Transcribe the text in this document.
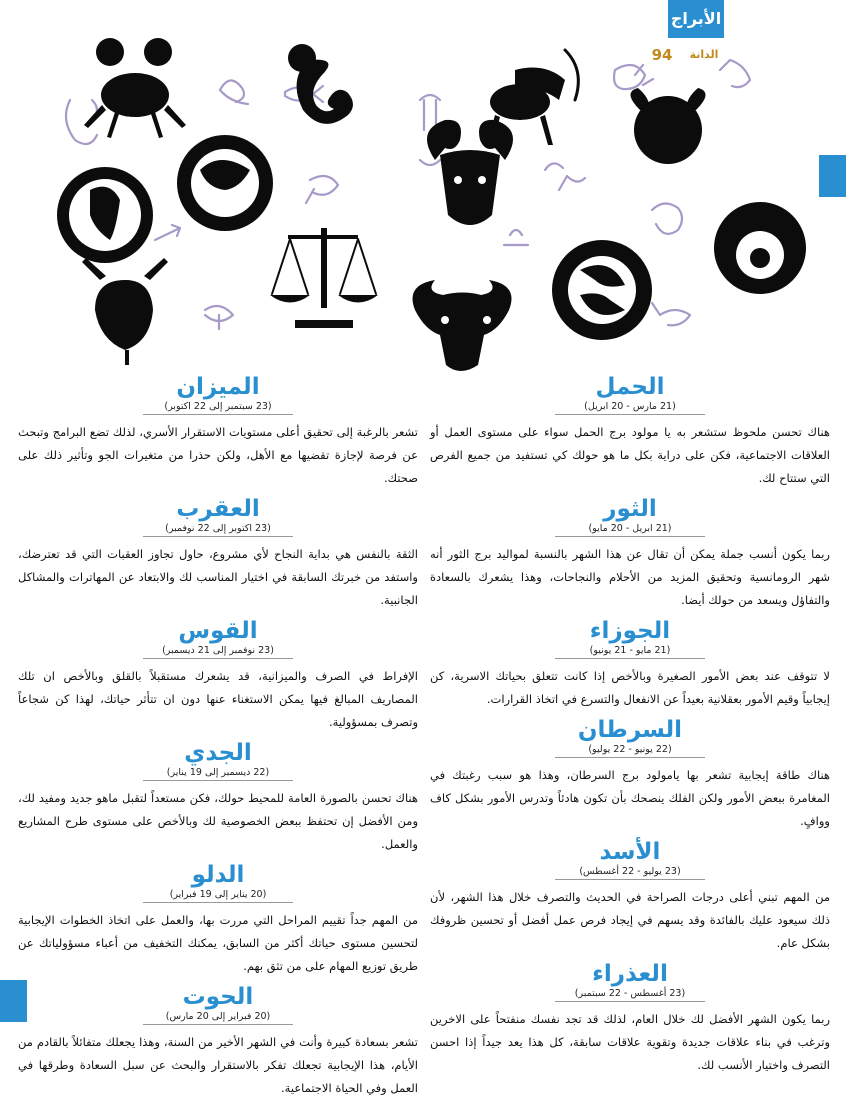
الأبراج
الدانة
94
الحمل
(21 مارس - 20 ابريل)

هناك تحسن ملحوظ ستشعر به يا مولود برج الحمل سواء على مستوى العمل أو العلاقات الاجتماعية، فكن على دراية بكل ما هو حولك كي تستفيد من جميع الفرص التي ستتاح لك.

الثور
(21 ابريل - 20 مايو)

ربما يكون أنسب جملة يمكن أن تقال عن هذا الشهر بالنسبة لمواليد برج الثور أنه شهر الرومانسية وتحقيق المزيد من الأحلام والنجاحات، وهذا يشعرك بالسعادة والتفاؤل ويسعد من حولك أيضا.

الجوزاء
(21 مايو - 21 يونيو)

لا تتوقف عند بعض الأمور الصغيرة وبالأخص إذا كانت تتعلق بحياتك الاسرية، كن إيجابياً وقيم الأمور بعقلانية بعيداً عن الانفعال والتسرع في اتخاذ القرارات.

السرطان
(22 يونيو - 22 يوليو)

هناك طاقة إيجابية تشعر بها يامولود برج السرطان، وهذا هو سبب رغبتك في المغامرة ببعض الأمور ولكن الفلك ينصحك بأن تكون هادئاً وتدرس الأمور بشكل كاف ووافٍ.

الأسد
(23 يوليو - 22 أغسطس)

من المهم تبني أعلى درجات الصراحة في الحديث والتصرف خلال هذا الشهر، لأن ذلك سيعود عليك بالفائدة وقد يسهم في إيجاد فرص عمل أفضل أو تحسين ظروفك بشكل عام.

العذراء
(23 أغسطس - 22 سبتمبر)

ربما يكون الشهر الأفضل لك خلال العام، لذلك قد تجد نفسك منفتحاً على الاخرين وترغب في بناء علاقات جديدة وتقوية علاقات سابقة، كل هذا يعد جيداً إذا احسن التصرف واختيار الأنسب لك.

الميزان
(23 سبتمبر إلى 22 اكتوبر)

تشعر بالرغبة إلى تحقيق أعلى مستويات الاستقرار الأسري، لذلك تضع البرامج وتبحث عن فرصة لإجازة تقضيها مع الأهل، ولكن حذرا من متغيرات الجو وتأثير ذلك على صحتك.

العقرب
(23 اكتوبر إلى 22 نوفمبر)

الثقة بالنفس هي بداية النجاح لأي مشروع، حاول تجاوز العقبات التي قد تعترضك، واستفد من خبرتك السابقة في اختيار المناسب لك والابتعاد عن المهاترات والمشاكل الجانبية.

القوس
(23 نوفمبر إلى 21 ديسمبر)

الإفراط في الصرف والميزانية، قد يشعرك مستقبلاً بالقلق وبالأخص ان تلك المصاريف المبالغ فيها يمكن الاستغناء عنها دون ان تتأثر حياتك، لهذا كن شجاعاً وتصرف بمسؤولية.

الجدي
(22 ديسمبر إلى 19 يناير)

هناك تحسن بالصورة العامة للمحيط حولك، فكن مستعداً لتقبل ماهو جديد ومفيد لك، ومن الأفضل إن تحتفظ ببعض الخصوصية لك وبالأخص على مستوى طرح المشاريع والعمل.

الدلو
(20 يناير إلى 19 فبراير)

من المهم جداً تقييم المراحل التي مررت بها، والعمل على اتخاذ الخطوات الإيجابية لتحسين مستوى حياتك أكثر من السابق، يمكنك التخفيف من أعباء مسؤولياتك عن طريق توزيع المهام على من تثق بهم.

الحوت
(20 فبراير إلى 20 مارس)

تشعر بسعادة كبيرة وأنت في الشهر الأخير من السنة، وهذا يجعلك متفائلاً بالقادم من الأيام، هذا الإيجابية تجعلك تفكر بالاستقرار والبحث عن سبل السعادة وطرقها في العمل وفي الحياة الاجتماعية.
